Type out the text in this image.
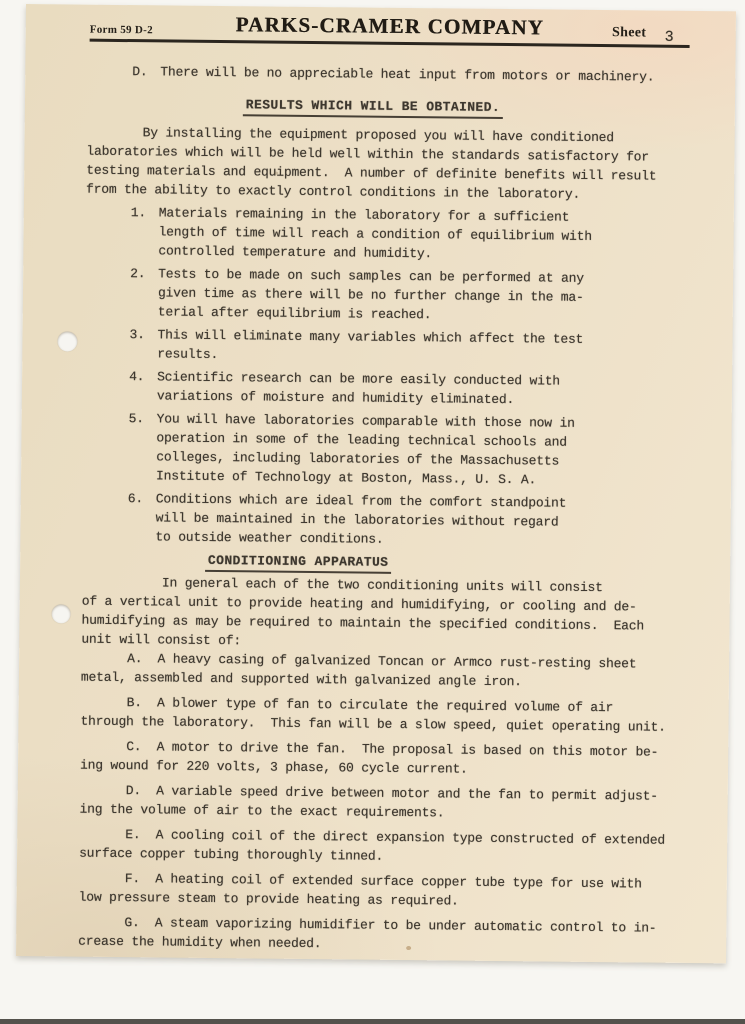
Form 59 D-2	PARKS-CRAMER COMPANY	Sheet 3
D. There will be no appreciable heat input from motors or machinery.
RESULTS WHICH WILL BE OBTAINED.
By installing the equipment proposed you will have conditioned
laboratories which will be held well within the standards satisfactory for
testing materials and equipment.  A number of definite benefits will result
from the ability to exactly control conditions in the laboratory.
1. Materials remaining in the laboratory for a sufficient
length of time will reach a condition of equilibrium with
controlled temperature and humidity.
2. Tests to be made on such samples can be performed at any
given time as there will be no further change in the ma-
terial after equilibrium is reached.
3. This will eliminate many variables which affect the test
results.
4. Scientific research can be more easily conducted with
variations of moisture and humidity eliminated.
5. You will have laboratories comparable with those now in
operation in some of the leading technical schools and
colleges, including laboratories of the Massachusetts
Institute of Technology at Boston, Mass., U. S. A.
6. Conditions which are ideal from the comfort standpoint
will be maintained in the laboratories without regard
to outside weather conditions.
CONDITIONING APPARATUS
In general each of the two conditioning units will consist
of a vertical unit to provide heating and humidifying, or cooling and de-
humidifying as may be required to maintain the specified conditions.  Each
unit will consist of:
A.  A heavy casing of galvanized Toncan or Armco rust-resting sheet
metal, assembled and supported with galvanized angle iron.
B.  A blower type of fan to circulate the required volume of air
through the laboratory.  This fan will be a slow speed, quiet operating unit.
C.  A motor to drive the fan.  The proposal is based on this motor be-
ing wound for 220 volts, 3 phase, 60 cycle current.
D.  A variable speed drive between motor and the fan to permit adjust-
ing the volume of air to the exact requirements.
E.  A cooling coil of the direct expansion type constructed of extended
surface copper tubing thoroughly tinned.
F.  A heating coil of extended surface copper tube type for use with
low pressure steam to provide heating as required.
G.  A steam vaporizing humidifier to be under automatic control to in-
crease the humidity when needed.
